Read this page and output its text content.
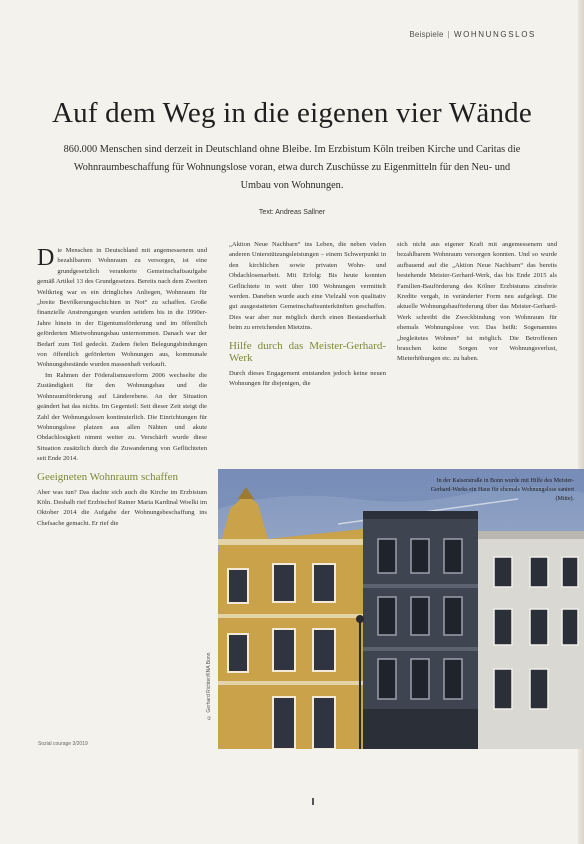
Beispiele | WOHNUNGSLOS
Auf dem Weg in die eigenen vier Wände
860.000 Menschen sind derzeit in Deutschland ohne Bleibe. Im Erzbistum Köln treiben Kirche und Caritas die Wohnraumbeschaffung für Wohnungslose voran, etwa durch Zuschüsse zu Eigenmitteln für den Neu- und Umbau von Wohnungen.
Text: Andreas Sallner

Die Menschen in Deutschland mit angemessenem und bezahlbarem Wohnraum zu versorgen, ist eine grundgesetzlich verankerte Gemeinschaftsaufgabe gemäß Artikel 13 des Grundgesetzes. Bereits nach dem Zweiten Weltkrieg war es ein dringliches Anliegen, Wohnraum für „breite Bevölkerungsschichten in Not“ zu schaffen. Große finanzielle Anstrengungen wurden seitdem bis in die 1990er-Jahre hinein in der Eigentumsförderung und im öffentlich geförderten Mietwohnungsbau unternommen. Danach war der Bedarf zum Teil gedeckt. Zudem fielen Belegungsbindungen von öffentlich geförderten Wohnungen aus, kommunale Wohnungsbestände wurden massenhaft verkauft.

Im Rahmen der Föderalismusreform 2006 wechselte die Zuständigkeit für den Wohnungsbau und die Wohnraumförderung auf Länderebene. An der Situation geändert hat das nichts. Im Gegenteil: Seit dieser Zeit steigt die Zahl der Wohnungslosen kontinuierlich. Die Einrichtungen für Wohnungslose platzen aus allen Nähten und akute Obdachlosigkeit nimmt weiter zu. Verschärft wurde diese Situation zusätzlich durch die Zuwanderung von Geflüchteten seit Ende 2014.

Geeigneten Wohnraum schaffen

Aber was tun? Das dachte sich auch die Kirche im Erzbistum Köln. Deshalb rief Erzbischof Rainer Maria Kardinal Woelki im Oktober 2014 die Aufgabe der Wohnungsbeschaffung ins Chefsache gemacht. Er rief die

„Aktion Neue Nachbarn“ ins Leben, die neben vielen anderen Unterstützungsleistungen – einem Schwerpunkt in den kirchlichen sowie privaten Wohn- und Obdachlosenarbeit. Mit Erfolg: Bis heute konnten Geflüchtete in weit über 100 Wohnungen vermittelt werden. Daneben wurde auch eine Vielzahl von qualitativ gut ausgestatteten Gemeinschaftsunterkünften geschaffen. Dies war aber nur möglich durch einen Bestandserhalt beim zu erreichenden Mietzins.

Hilfe durch das Meister-Gerhard-Werk

Durch dieses Engagement entstanden jedoch keine neuen Wohnungen für diejenigen, die

sich nicht aus eigener Kraft mit angemessenem und bezahlbarem Wohnraum versorgen konnten. Und so wurde aufbauend auf die „Aktion Neue Nachbarn“ das bereits bestehende Meister-Gerhard-Werk, das bis Ende 2015 als Familien-Bauförderung des Kölner Erzbistums zinsfreie Kredite vergab, in veränderter Form neu aufgelegt. Die aktuelle Wohnungsbauförderung über das Meister-Gerhard-Werk schreibt die Zweckbindung von Wohnraum für ehemals Wohnungslose vor. Das heißt: Sogenanntes „begleitetes Wohnen“ ist möglich. Die Betroffenen brauchen keine Sorgen vor Wohnungsverlust, Mieterhöhungen etc. zu haben.

© Gerhard Richter/KNA Bonn
In der Kaiserstraße in Bonn wurde mit Hilfe des Meister-Gerhard-Werks ein Haus für ehemals Wohnungslose saniert (Mitte).
Sozial courage 3/2019
